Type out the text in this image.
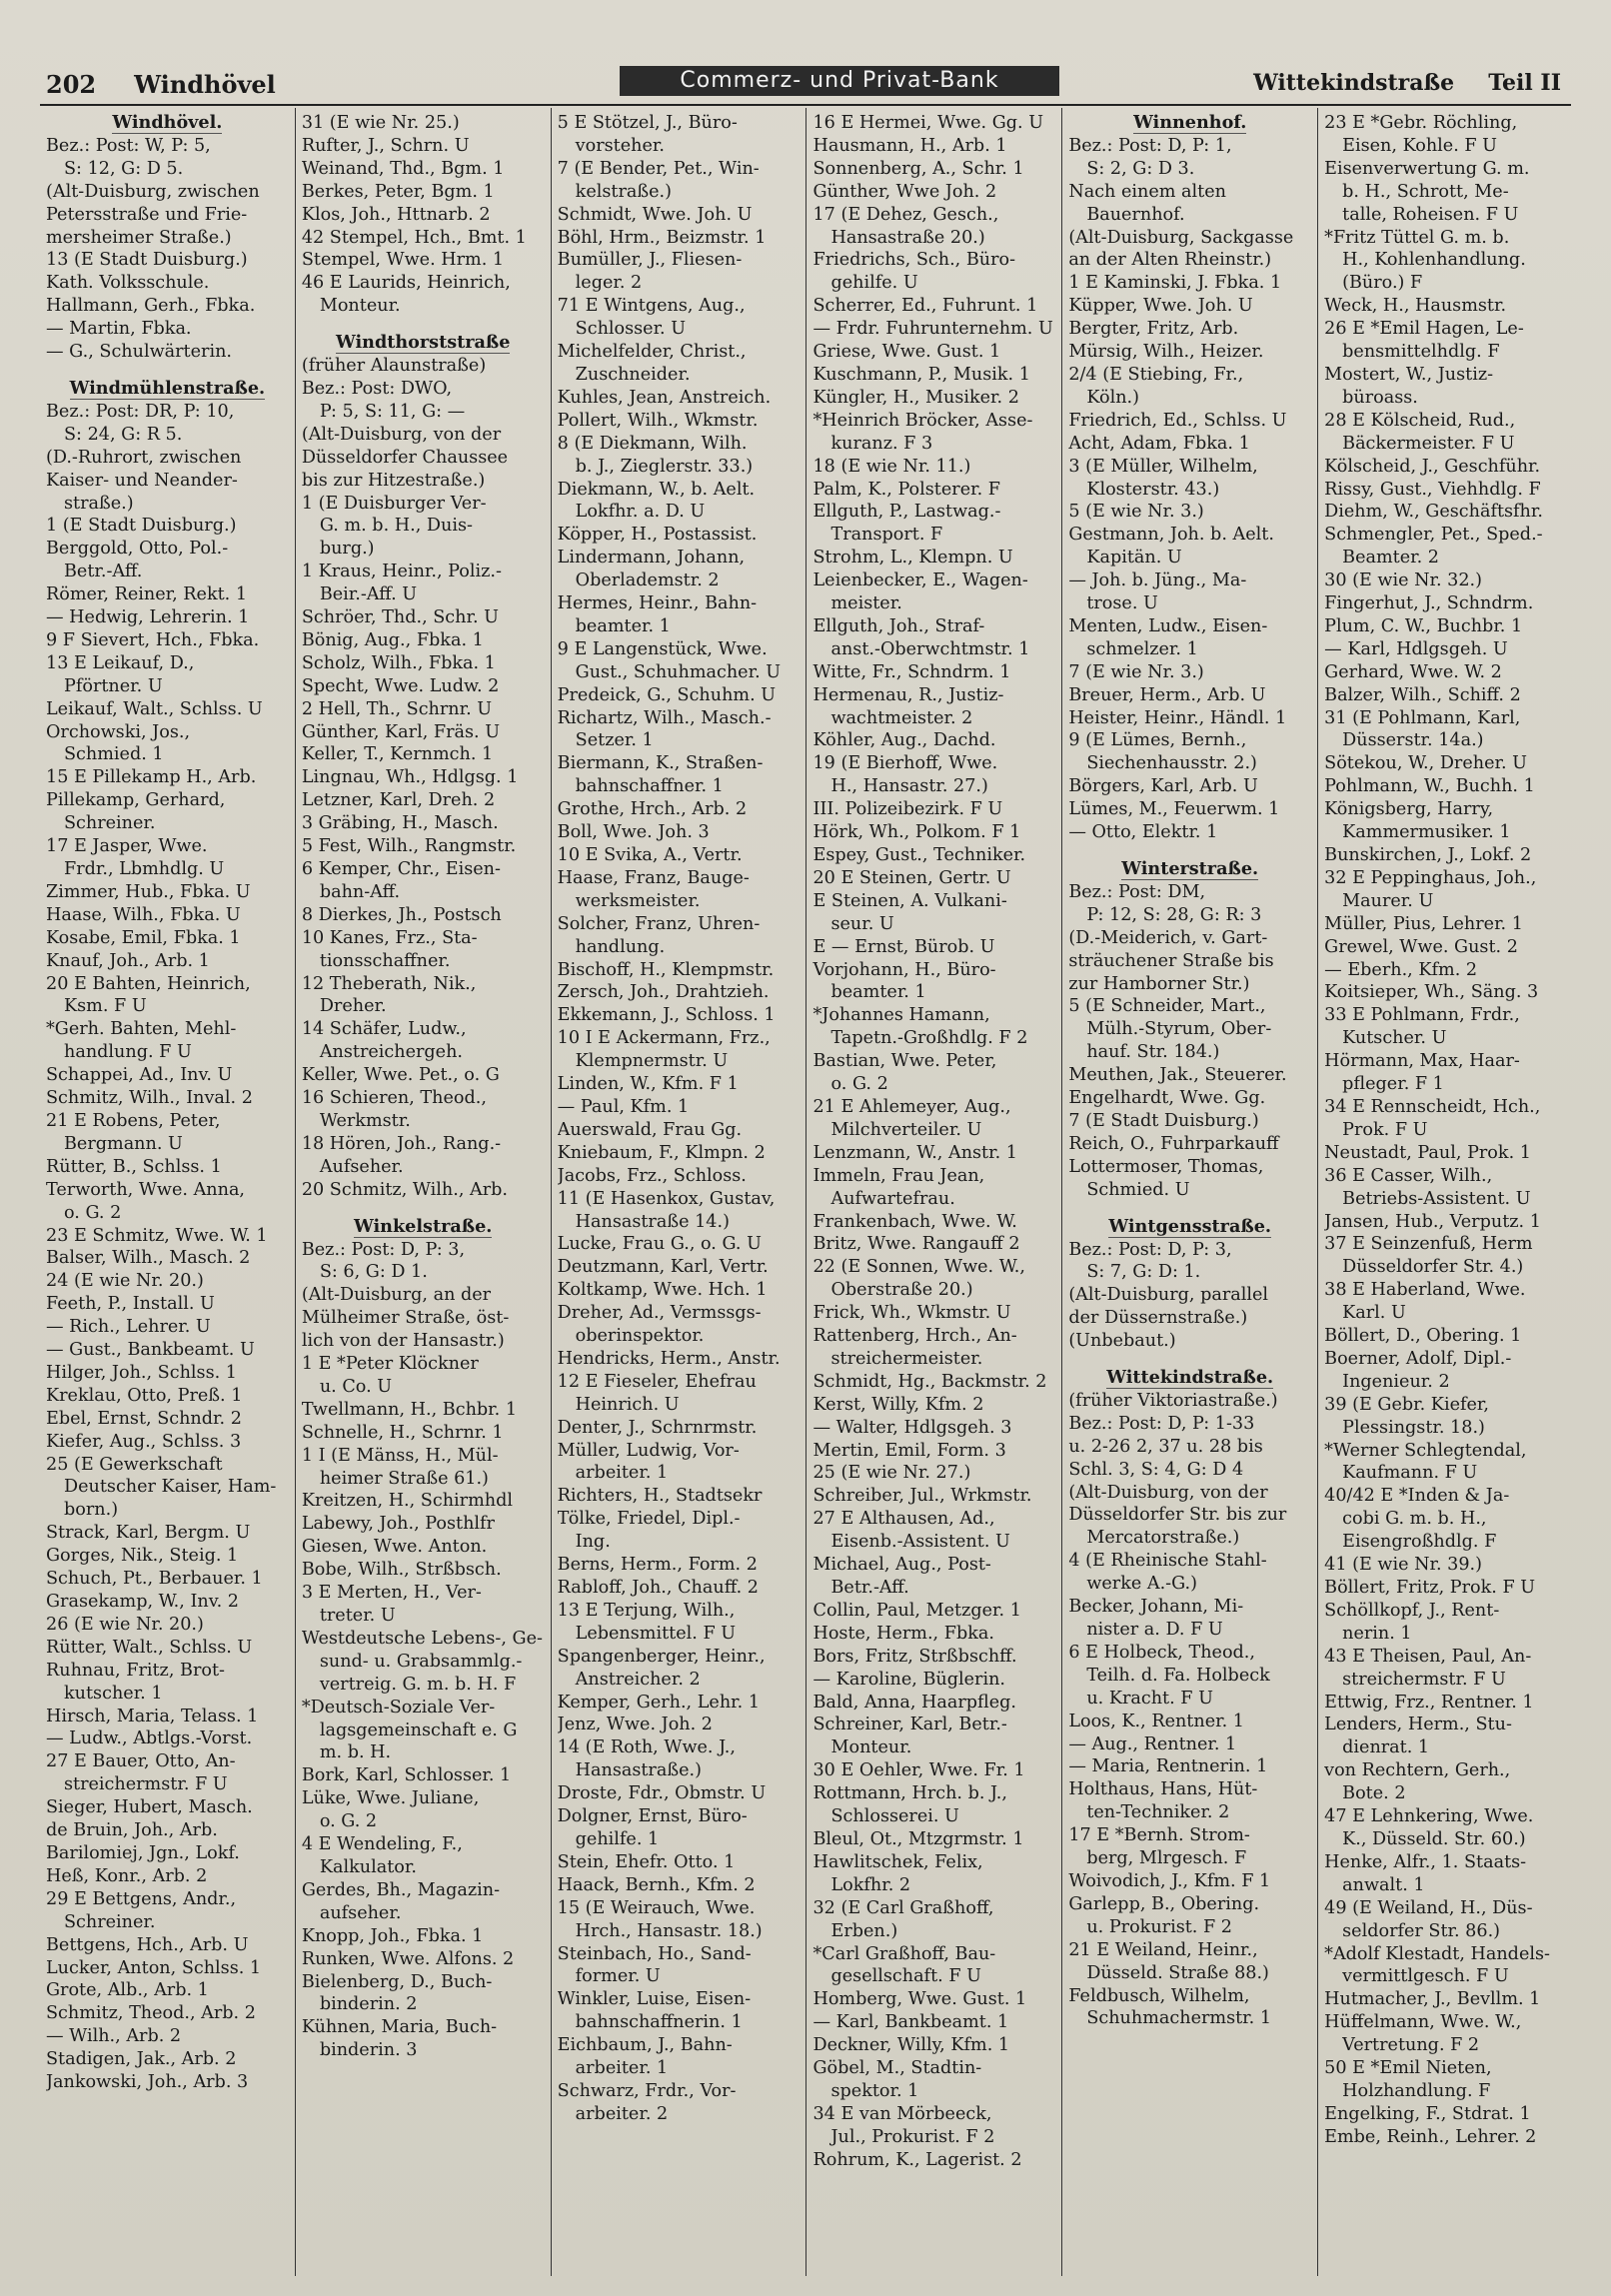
202 Windhövel	Commerz- und Privat-Bank	Wittekindstraße Teil II
Windhövel.
Bez.: Post: W, P: 5,
S: 12, G: D 5.
(Alt-Duisburg, zwischen
Petersstraße und Frie-
mersheimer Straße.)
13 (E Stadt Duisburg.)
Kath. Volksschule.
Hallmann, Gerh., Fbka.
— Martin, Fbka.
— G., Schulwärterin.
Windmühlenstraße.
Bez.: Post: DR, P: 10,
S: 24, G: R 5.
(D.-Ruhrort, zwischen
Kaiser- und Neander-
straße.)
1 (E Stadt Duisburg.)
Berggold, Otto, Pol.-
Betr.-Aff.
Römer, Reiner, Rekt. 1
— Hedwig, Lehrerin. 1
9 F Sievert, Hch., Fbka.
13 E Leikauf, D.,
Pförtner. U
Leikauf, Walt., Schlss. U
Orchowski, Jos.,
Schmied. 1
15 E Pillekamp H., Arb.
Pillekamp, Gerhard,
Schreiner.
17 E Jasper, Wwe.
Frdr., Lbmhdlg. U
Zimmer, Hub., Fbka. U
Haase, Wilh., Fbka. U
Kosabe, Emil, Fbka. 1
Knauf, Joh., Arb. 1
20 E Bahten, Heinrich,
Ksm. F U
*Gerh. Bahten, Mehl-
handlung. F U
Schappei, Ad., Inv. U
Schmitz, Wilh., Inval. 2
21 E Robens, Peter,
Bergmann. U
Rütter, B., Schlss. 1
Terworth, Wwe. Anna,
o. G. 2
23 E Schmitz, Wwe. W. 1
Balser, Wilh., Masch. 2
24 (E wie Nr. 20.)
Feeth, P., Install. U
— Rich., Lehrer. U
— Gust., Bankbeamt. U
Hilger, Joh., Schlss. 1
Kreklau, Otto, Preß. 1
Ebel, Ernst, Schndr. 2
Kiefer, Aug., Schlss. 3
25 (E Gewerkschaft
Deutscher Kaiser, Ham-
born.)
Strack, Karl, Bergm. U
Gorges, Nik., Steig. 1
Schuch, Pt., Berbauer. 1
Grasekamp, W., Inv. 2
26 (E wie Nr. 20.)
Rütter, Walt., Schlss. U
Ruhnau, Fritz, Brot-
kutscher. 1
Hirsch, Maria, Telass. 1
— Ludw., Abtlgs.-Vorst.
27 E Bauer, Otto, An-
streichermstr. F U
Sieger, Hubert, Masch.
de Bruin, Joh., Arb.
Barilomiej, Jgn., Lokf.
Heß, Konr., Arb. 2
29 E Bettgens, Andr.,
Schreiner.
Bettgens, Hch., Arb. U
Lucker, Anton, Schlss. 1
Grote, Alb., Arb. 1
Schmitz, Theod., Arb. 2
— Wilh., Arb. 2
Stadigen, Jak., Arb. 2
Jankowski, Joh., Arb. 3
31 (E wie Nr. 25.)
Rufter, J., Schrn. U
Weinand, Thd., Bgm. 1
Berkes, Peter, Bgm. 1
Klos, Joh., Httnarb. 2
42 Stempel, Hch., Bmt. 1
Stempel, Wwe. Hrm. 1
46 E Laurids, Heinrich,
Monteur.
Windthorststraße
(früher Alaunstraße)
Bez.: Post: DWO,
P: 5, S: 11, G: —
(Alt-Duisburg, von der
Düsseldorfer Chaussee
bis zur Hitzestraße.)
1 (E Duisburger Ver-
G. m. b. H., Duis-
burg.)
1 Kraus, Heinr., Poliz.-
Beir.-Aff. U
Schröer, Thd., Schr. U
Bönig, Aug., Fbka. 1
Scholz, Wilh., Fbka. 1
Specht, Wwe. Ludw. 2
2 Hell, Th., Schrnr. U
Günther, Karl, Fräs. U
Keller, T., Kernmch. 1
Lingnau, Wh., Hdlgsg. 1
Letzner, Karl, Dreh. 2
3 Gräbing, H., Masch.
5 Fest, Wilh., Rangmstr.
6 Kemper, Chr., Eisen-
bahn-Aff.
8 Dierkes, Jh., Postsch
10 Kanes, Frz., Sta-
tionsschaffner.
12 Theberath, Nik.,
Dreher.
14 Schäfer, Ludw.,
Anstreichergeh.
Keller, Wwe. Pet., o. G
16 Schieren, Theod.,
Werkmstr.
18 Hören, Joh., Rang.-
Aufseher.
20 Schmitz, Wilh., Arb.
Winkelstraße.
Bez.: Post: D, P: 3,
S: 6, G: D 1.
(Alt-Duisburg, an der
Mülheimer Straße, öst-
lich von der Hansastr.)
1 E *Peter Klöckner
u. Co. U
Twellmann, H., Bchbr. 1
Schnelle, H., Schrnr. 1
1 I (E Mänss, H., Mül-
heimer Straße 61.)
Kreitzen, H., Schirmhdl
Labewy, Joh., Posthlfr
Giesen, Wwe. Anton.
Bobe, Wilh., Strßbsch.
3 E Merten, H., Ver-
treter. U
Westdeutsche Lebens-, Ge-
sund- u. Grabsammlg.-
vertreig. G. m. b. H. F
*Deutsch-Soziale Ver-
lagsgemeinschaft e. G
m. b. H.
Bork, Karl, Schlosser. 1
Lüke, Wwe. Juliane,
o. G. 2
4 E Wendeling, F.,
Kalkulator.
Gerdes, Bh., Magazin-
aufseher.
Knopp, Joh., Fbka. 1
Runken, Wwe. Alfons. 2
Bielenberg, D., Buch-
binderin. 2
Kühnen, Maria, Buch-
binderin. 3
5 E Stötzel, J., Büro-
vorsteher.
7 (E Bender, Pet., Win-
kelstraße.)
Schmidt, Wwe. Joh. U
Böhl, Hrm., Beizmstr. 1
Bumüller, J., Fliesen-
leger. 2
71 E Wintgens, Aug.,
Schlosser. U
Michelfelder, Christ.,
Zuschneider.
Kuhles, Jean, Anstreich.
Pollert, Wilh., Wkmstr.
8 (E Diekmann, Wilh.
b. J., Zieglerstr. 33.)
Diekmann, W., b. Aelt.
Lokfhr. a. D. U
Köpper, H., Postassist.
Lindermann, Johann,
Oberlademstr. 2
Hermes, Heinr., Bahn-
beamter. 1
9 E Langenstück, Wwe.
Gust., Schuhmacher. U
Predeick, G., Schuhm. U
Richartz, Wilh., Masch.-
Setzer. 1
Biermann, K., Straßen-
bahnschaffner. 1
Grothe, Hrch., Arb. 2
Boll, Wwe. Joh. 3
10 E Svika, A., Vertr.
Haase, Franz, Bauge-
werksmeister.
Solcher, Franz, Uhren-
handlung.
Bischoff, H., Klempmstr.
Zersch, Joh., Drahtzieh.
Ekkemann, J., Schloss. 1
10 I E Ackermann, Frz.,
Klempnermstr. U
Linden, W., Kfm. F 1
— Paul, Kfm. 1
Auerswald, Frau Gg.
Kniebaum, F., Klmpn. 2
Jacobs, Frz., Schloss.
11 (E Hasenkox, Gustav,
Hansastraße 14.)
Lucke, Frau G., o. G. U
Deutzmann, Karl, Vertr.
Koltkamp, Wwe. Hch. 1
Dreher, Ad., Vermssgs-
oberinspektor.
Hendricks, Herm., Anstr.
12 E Fieseler, Ehefrau
Heinrich. U
Denter, J., Schrnrmstr.
Müller, Ludwig, Vor-
arbeiter. 1
Richters, H., Stadtsekr
Tölke, Friedel, Dipl.-
Ing.
Berns, Herm., Form. 2
Rabloff, Joh., Chauff. 2
13 E Terjung, Wilh.,
Lebensmittel. F U
Spangenberger, Heinr.,
Anstreicher. 2
Kemper, Gerh., Lehr. 1
Jenz, Wwe. Joh. 2
14 (E Roth, Wwe. J.,
Hansastraße.)
Droste, Fdr., Obmstr. U
Dolgner, Ernst, Büro-
gehilfe. 1
Stein, Ehefr. Otto. 1
Haack, Bernh., Kfm. 2
15 (E Weirauch, Wwe.
Hrch., Hansastr. 18.)
Steinbach, Ho., Sand-
former. U
Winkler, Luise, Eisen-
bahnschaffnerin. 1
Eichbaum, J., Bahn-
arbeiter. 1
Schwarz, Frdr., Vor-
arbeiter. 2
16 E Hermei, Wwe. Gg. U
Hausmann, H., Arb. 1
Sonnenberg, A., Schr. 1
Günther, Wwe Joh. 2
17 (E Dehez, Gesch.,
Hansastraße 20.)
Friedrichs, Sch., Büro-
gehilfe. U
Scherrer, Ed., Fuhrunt. 1
— Frdr. Fuhrunternehm. U
Griese, Wwe. Gust. 1
Kuschmann, P., Musik. 1
Küngler, H., Musiker. 2
*Heinrich Bröcker, Asse-
kuranz. F 3
18 (E wie Nr. 11.)
Palm, K., Polsterer. F
Ellguth, P., Lastwag.-
Transport. F
Strohm, L., Klempn. U
Leienbecker, E., Wagen-
meister.
Ellguth, Joh., Straf-
anst.-Oberwchtmstr. 1
Witte, Fr., Schndrm. 1
Hermenau, R., Justiz-
wachtmeister. 2
Köhler, Aug., Dachd.
19 (E Bierhoff, Wwe.
H., Hansastr. 27.)
III. Polizeibezirk. F U
Hörk, Wh., Polkom. F 1
Espey, Gust., Techniker.
20 E Steinen, Gertr. U
E Steinen, A. Vulkani-
seur. U
E — Ernst, Bürob. U
Vorjohann, H., Büro-
beamter. 1
*Johannes Hamann,
Tapetn.-Großhdlg. F 2
Bastian, Wwe. Peter,
o. G. 2
21 E Ahlemeyer, Aug.,
Milchverteiler. U
Lenzmann, W., Anstr. 1
Immeln, Frau Jean,
Aufwartefrau.
Frankenbach, Wwe. W.
Britz, Wwe. Rangauff 2
22 (E Sonnen, Wwe. W.,
Oberstraße 20.)
Frick, Wh., Wkmstr. U
Rattenberg, Hrch., An-
streichermeister.
Schmidt, Hg., Backmstr. 2
Kerst, Willy, Kfm. 2
— Walter, Hdlgsgeh. 3
Mertin, Emil, Form. 3
25 (E wie Nr. 27.)
Schreiber, Jul., Wrkmstr.
27 E Althausen, Ad.,
Eisenb.-Assistent. U
Michael, Aug., Post-
Betr.-Aff.
Collin, Paul, Metzger. 1
Hoste, Herm., Fbka.
Bors, Fritz, Strßbschff.
— Karoline, Büglerin.
Bald, Anna, Haarpfleg.
Schreiner, Karl, Betr.-
Monteur.
30 E Oehler, Wwe. Fr. 1
Rottmann, Hrch. b. J.,
Schlosserei. U
Bleul, Ot., Mtzgrmstr. 1
Hawlitschek, Felix,
Lokfhr. 2
32 (E Carl Graßhoff,
Erben.)
*Carl Graßhoff, Bau-
gesellschaft. F U
Homberg, Wwe. Gust. 1
— Karl, Bankbeamt. 1
Deckner, Willy, Kfm. 1
Göbel, M., Stadtin-
spektor. 1
34 E van Mörbeeck,
Jul., Prokurist. F 2
Rohrum, K., Lagerist. 2
Winnenhof.
Bez.: Post: D, P: 1,
S: 2, G: D 3.
Nach einem alten
Bauernhof.
(Alt-Duisburg, Sackgasse
an der Alten Rheinstr.)
1 E Kaminski, J. Fbka. 1
Küpper, Wwe. Joh. U
Bergter, Fritz, Arb.
Mürsig, Wilh., Heizer.
2/4 (E Stiebing, Fr.,
Köln.)
Friedrich, Ed., Schlss. U
Acht, Adam, Fbka. 1
3 (E Müller, Wilhelm,
Klosterstr. 43.)
5 (E wie Nr. 3.)
Gestmann, Joh. b. Aelt.
Kapitän. U
— Joh. b. Jüng., Ma-
trose. U
Menten, Ludw., Eisen-
schmelzer. 1
7 (E wie Nr. 3.)
Breuer, Herm., Arb. U
Heister, Heinr., Händl. 1
9 (E Lümes, Bernh.,
Siechenhausstr. 2.)
Börgers, Karl, Arb. U
Lümes, M., Feuerwm. 1
— Otto, Elektr. 1
Winterstraße.
Bez.: Post: DM,
P: 12, S: 28, G: R: 3
(D.-Meiderich, v. Gart-
sträuchener Straße bis
zur Hamborner Str.)
5 (E Schneider, Mart.,
Mülh.-Styrum, Ober-
hauf. Str. 184.)
Meuthen, Jak., Steuerer.
Engelhardt, Wwe. Gg.
7 (E Stadt Duisburg.)
Reich, O., Fuhrparkauff
Lottermoser, Thomas,
Schmied. U
Wintgensstraße.
Bez.: Post: D, P: 3,
S: 7, G: D: 1.
(Alt-Duisburg, parallel
der Düssernstraße.)
(Unbebaut.)
Wittekindstraße.
(früher Viktoriastraße.)
Bez.: Post: D, P: 1-33
u. 2-26 2, 37 u. 28 bis
Schl. 3, S: 4, G: D 4
(Alt-Duisburg, von der
Düsseldorfer Str. bis zur
Mercatorstraße.)
4 (E Rheinische Stahl-
werke A.-G.)
Becker, Johann, Mi-
nister a. D. F U
6 E Holbeck, Theod.,
Teilh. d. Fa. Holbeck
u. Kracht. F U
Loos, K., Rentner. 1
— Aug., Rentner. 1
— Maria, Rentnerin. 1
Holthaus, Hans, Hüt-
ten-Techniker. 2
17 E *Bernh. Strom-
berg, Mlrgesch. F
Woivodich, J., Kfm. F 1
Garlepp, B., Obering.
u. Prokurist. F 2
21 E Weiland, Heinr.,
Düsseld. Straße 88.)
Feldbusch, Wilhelm,
Schuhmachermstr. 1
23 E *Gebr. Röchling,
Eisen, Kohle. F U
Eisenverwertung G. m.
b. H., Schrott, Me-
talle, Roheisen. F U
*Fritz Tüttel G. m. b.
H., Kohlenhandlung.
(Büro.) F
Weck, H., Hausmstr.
26 E *Emil Hagen, Le-
bensmittelhdlg. F
Mostert, W., Justiz-
büroass.
28 E Kölscheid, Rud.,
Bäckermeister. F U
Kölscheid, J., Geschführ.
Rissy, Gust., Viehhdlg. F
Diehm, W., Geschäftsfhr.
Schmengler, Pet., Sped.-
Beamter. 2
30 (E wie Nr. 32.)
Fingerhut, J., Schndrm.
Plum, C. W., Buchbr. 1
— Karl, Hdlgsgeh. U
Gerhard, Wwe. W. 2
Balzer, Wilh., Schiff. 2
31 (E Pohlmann, Karl,
Düsserstr. 14a.)
Sötekou, W., Dreher. U
Pohlmann, W., Buchh. 1
Königsberg, Harry,
Kammermusiker. 1
Bunskirchen, J., Lokf. 2
32 E Peppinghaus, Joh.,
Maurer. U
Müller, Pius, Lehrer. 1
Grewel, Wwe. Gust. 2
— Eberh., Kfm. 2
Koitsieper, Wh., Säng. 3
33 E Pohlmann, Frdr.,
Kutscher. U
Hörmann, Max, Haar-
pfleger. F 1
34 E Rennscheidt, Hch.,
Prok. F U
Neustadt, Paul, Prok. 1
36 E Casser, Wilh.,
Betriebs-Assistent. U
Jansen, Hub., Verputz. 1
37 E Seinzenfuß, Herm
Düsseldorfer Str. 4.)
38 E Haberland, Wwe.
Karl. U
Böllert, D., Obering. 1
Boerner, Adolf, Dipl.-
Ingenieur. 2
39 (E Gebr. Kiefer,
Plessingstr. 18.)
*Werner Schlegtendal,
Kaufmann. F U
40/42 E *Inden & Ja-
cobi G. m. b. H.,
Eisengroßhdlg. F
41 (E wie Nr. 39.)
Böllert, Fritz, Prok. F U
Schöllkopf, J., Rent-
nerin. 1
43 E Theisen, Paul, An-
streichermstr. F U
Ettwig, Frz., Rentner. 1
Lenders, Herm., Stu-
dienrat. 1
von Rechtern, Gerh.,
Bote. 2
47 E Lehnkering, Wwe.
K., Düsseld. Str. 60.)
Henke, Alfr., 1. Staats-
anwalt. 1
49 (E Weiland, H., Düs-
seldorfer Str. 86.)
*Adolf Klestadt, Handels-
vermittlgesch. F U
Hutmacher, J., Bevllm. 1
Hüffelmann, Wwe. W.,
Vertretung. F 2
50 E *Emil Nieten,
Holzhandlung. F
Engelking, F., Stdrat. 1
Embe, Reinh., Lehrer. 2
